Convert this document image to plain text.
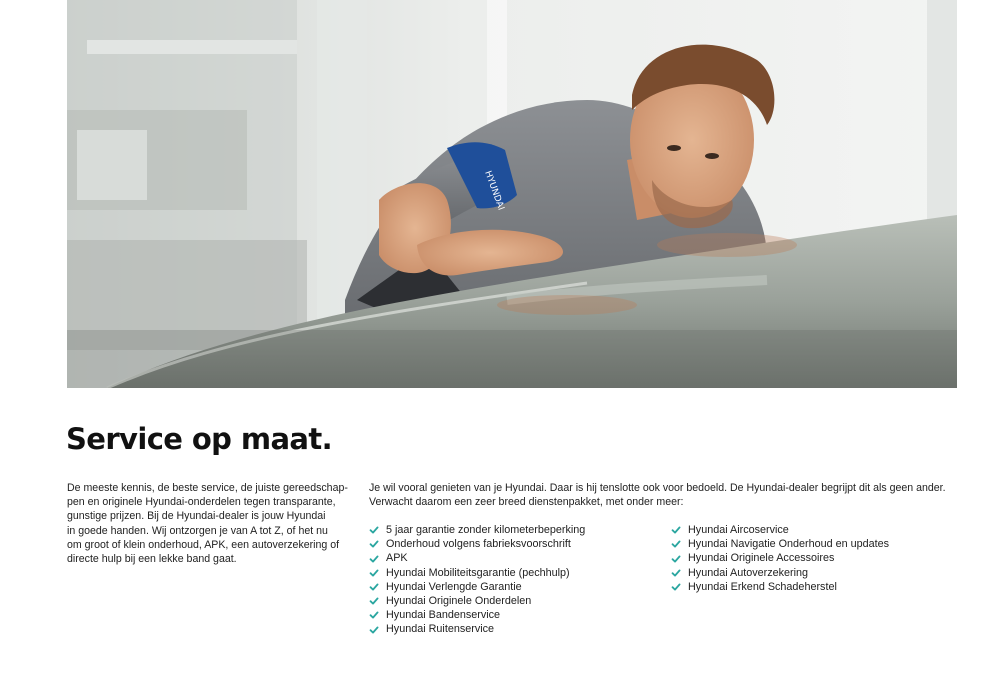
HYUNDAI
Service op maat.
De meeste kennis, de beste service, de juiste gereedschap-
pen en originele Hyundai-onderdelen tegen transparante,
gunstige prijzen. Bij de Hyundai-dealer is jouw Hyundai
in goede handen. Wij ontzorgen je van A tot Z, of het nu
om groot of klein onderhoud, APK, een autoverzekering of
directe hulp bij een lekke band gaat.
Je wil vooral genieten van je Hyundai. Daar is hij tenslotte ook voor bedoeld. De Hyundai-dealer begrijpt dit als geen ander.
Verwacht daarom een zeer breed dienstenpakket, met onder meer:
5 jaar garantie zonder kilometerbeperking
Onderhoud volgens fabrieksvoorschrift
APK
Hyundai Mobiliteitsgarantie (pechhulp)
Hyundai Verlengde Garantie
Hyundai Originele Onderdelen
Hyundai Bandenservice
Hyundai Ruitenservice
Hyundai Aircoservice
Hyundai Navigatie Onderhoud en updates
Hyundai Originele Accessoires
Hyundai Autoverzekering
Hyundai Erkend Schadeherstel
